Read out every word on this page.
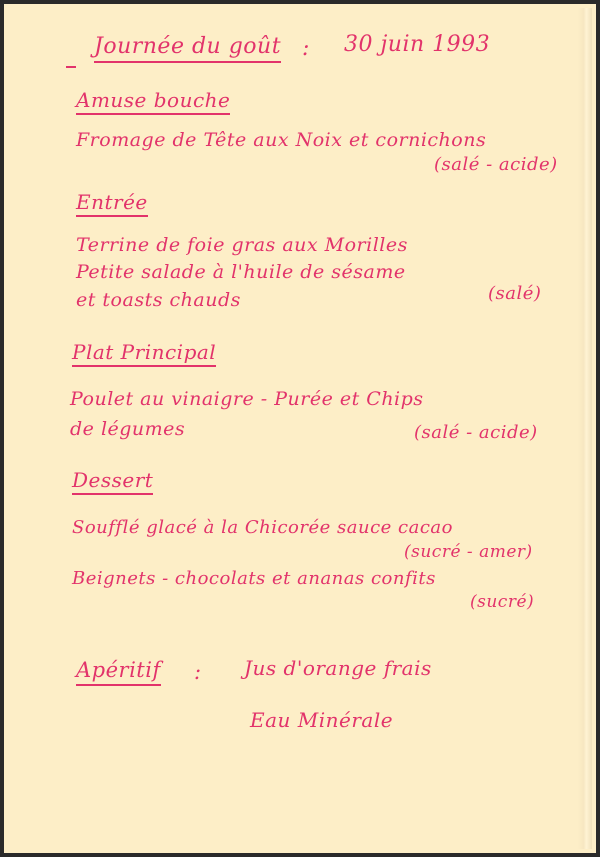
Journée du goût : 30 juin 1993
Amuse bouche
Fromage de Tête aux Noix et cornichons
(salé - acide)
Entrée
Terrine de foie gras aux Morilles
Petite salade à l'huile de sésame
et toasts chauds	(salé)
Plat Principal
Poulet au vinaigre - Purée et Chips
de légumes	(salé - acide)
Dessert
Soufflé glacé à la Chicorée sauce cacao
(sucré - amer)
Beignets - chocolats et ananas confits
(sucré)
Apéritif : Jus d'orange frais
Eau Minérale
